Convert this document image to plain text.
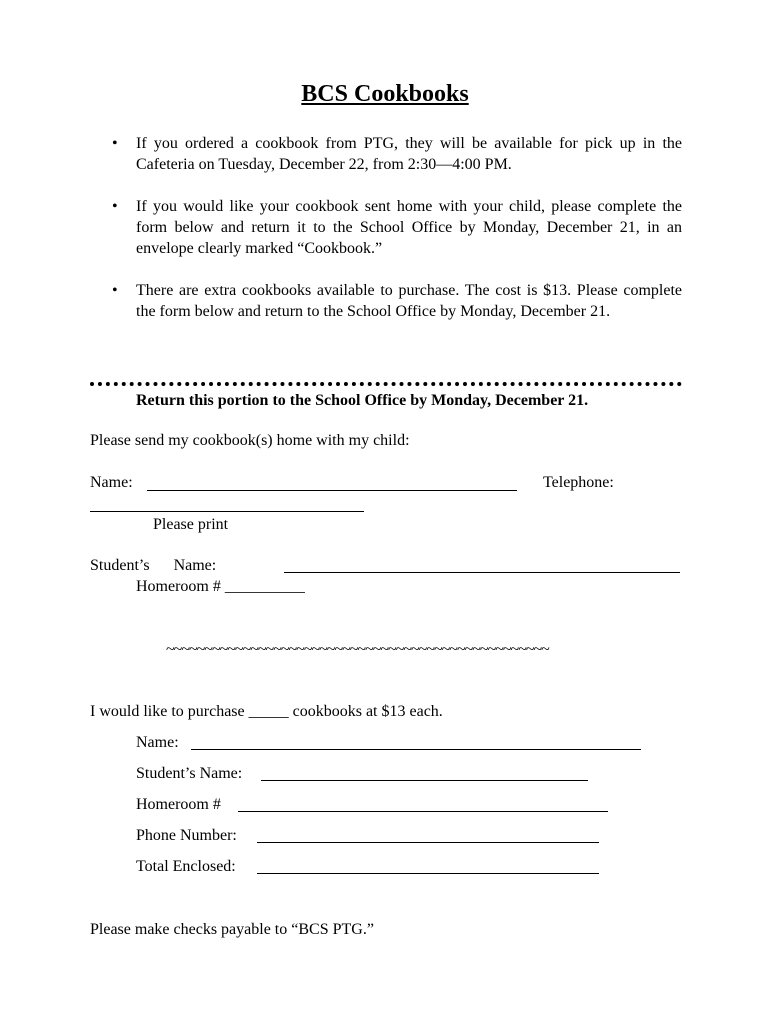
BCS Cookbooks
• If you ordered a cookbook from PTG, they will be available for pick up in the Cafeteria on Tuesday, December 22, from 2:30—4:00 PM.
• If you would like your cookbook sent home with your child, please complete the form below and return it to the School Office by Monday, December 21, in an envelope clearly marked “Cookbook.”
• There are extra cookbooks available to purchase. The cost is $13. Please complete the form below and return to the School Office by Monday, December 21.
Return this portion to the School Office by Monday, December 21.
Please send my cookbook(s) home with my child:
Name:	Telephone:
Please print
Student’s      Name:
Homeroom # __________
~~~~~~~~~~~~~~~~~~~~~~~~~~~~~~~~~~~~~~~~~~~~~~~~~~
I would like to purchase _____ cookbooks at $13 each.
Name:
Student’s Name:
Homeroom #
Phone Number:
Total Enclosed:
Please make checks payable to “BCS PTG.”
